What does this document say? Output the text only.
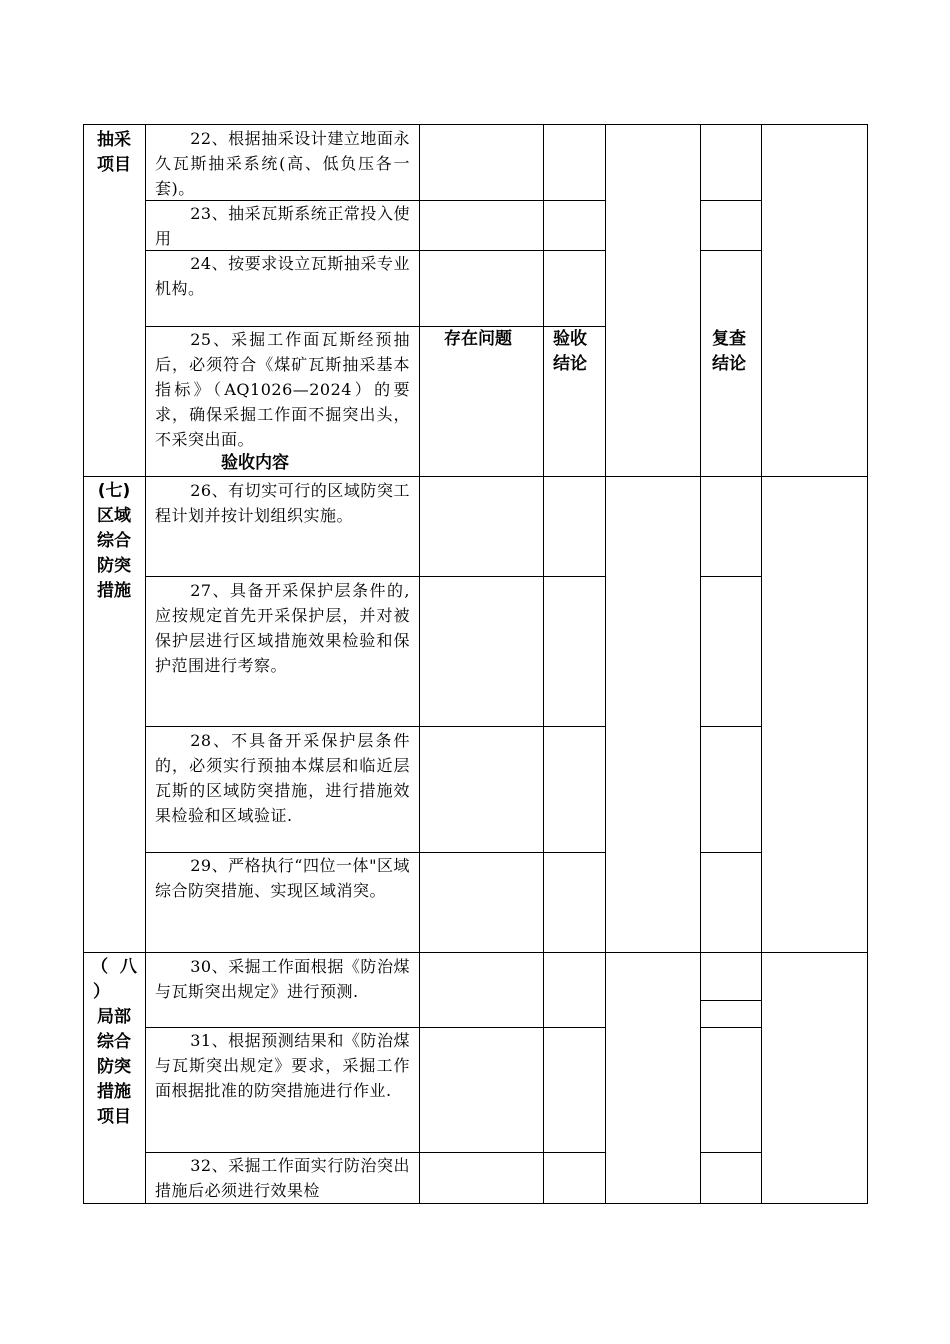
抽采
项目
(七)
区域
综合
防突
措施
（  八
）
局部
综合
防突
措施
项目
22、根据抽采设计建立地面永久瓦斯抽采系统(高、低负压各一套)。
23、抽采瓦斯系统正常投入使用
24、按要求设立瓦斯抽采专业机构。
25、采掘工作面瓦斯经预抽后，必须符合《煤矿瓦斯抽采基本指标》（AQ1026—2024）的要求，确保采掘工作面不掘突出头，不采突出面。
26、有切实可行的区域防突工程计划并按计划组织实施。
27、具备开采保护层条件的,应按规定首先开采保护层，并对被保护层进行区域措施效果检验和保护范围进行考察。
28、不具备开采保护层条件的，必须实行预抽本煤层和临近层瓦斯的区域防突措施，进行措施效果检验和区域验证.
29、严格执行“四位一体"区域综合防突措施、实现区域消突。
30、采掘工作面根据《防治煤与瓦斯突出规定》进行预测.
31、根据预测结果和《防治煤与瓦斯突出规定》要求，采掘工作面根据批准的防突措施进行作业.
32、采掘工作面实行防治突出措施后必须进行效果检
验收内容
存在问题 验收
结论
复查
结论
